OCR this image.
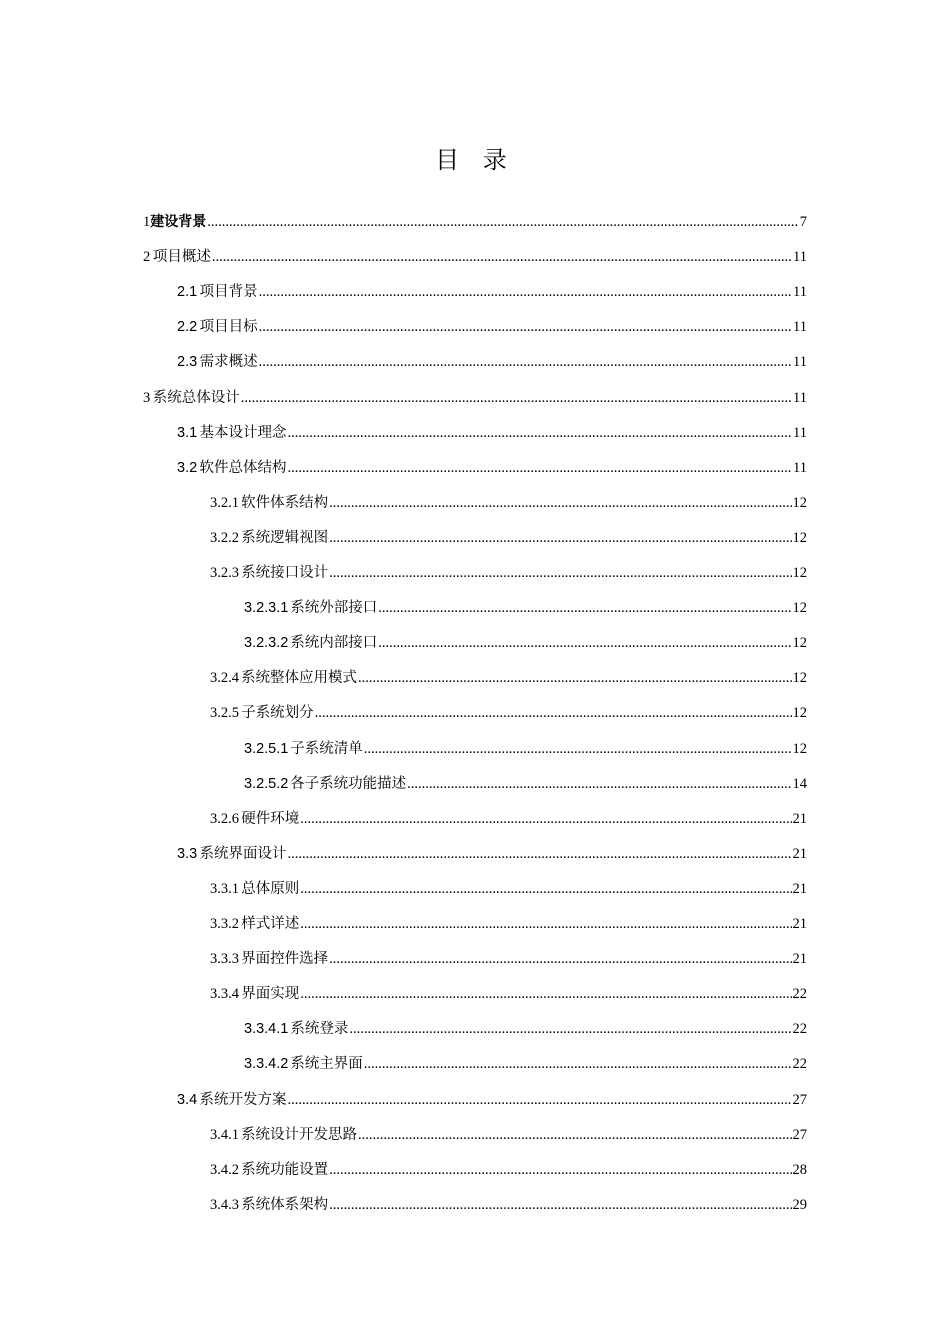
目 录
1 建设背景 .....	7
2 项目概述 .....	11
2.1 项目背景 .....	11
2.2 项目目标 .....	11
2.3 需求概述 .....	11
3 系统总体设计 .....	11
3.1 基本设计理念 .....	11
3.2 软件总体结构 .....	11
3.2.1 软件体系结构 .....	12
3.2.2 系统逻辑视图 .....	12
3.2.3 系统接口设计 .....	12
3.2.3.1 系统外部接口 .....	12
3.2.3.2 系统内部接口 .....	12
3.2.4 系统整体应用模式 .....	12
3.2.5 子系统划分 .....	12
3.2.5.1 子系统清单 .....	12
3.2.5.2 各子系统功能描述 .....	14
3.2.6 硬件环境 .....	21
3.3 系统界面设计 .....	21
3.3.1 总体原则 .....	21
3.3.2 样式详述 .....	21
3.3.3 界面控件选择 .....	21
3.3.4 界面实现 .....	22
3.3.4.1 系统登录 .....	22
3.3.4.2 系统主界面 .....	22
3.4 系统开发方案 .....	27
3.4.1 系统设计开发思路 .....	27
3.4.2 系统功能设置 .....	28
3.4.3 系统体系架构 .....	29
